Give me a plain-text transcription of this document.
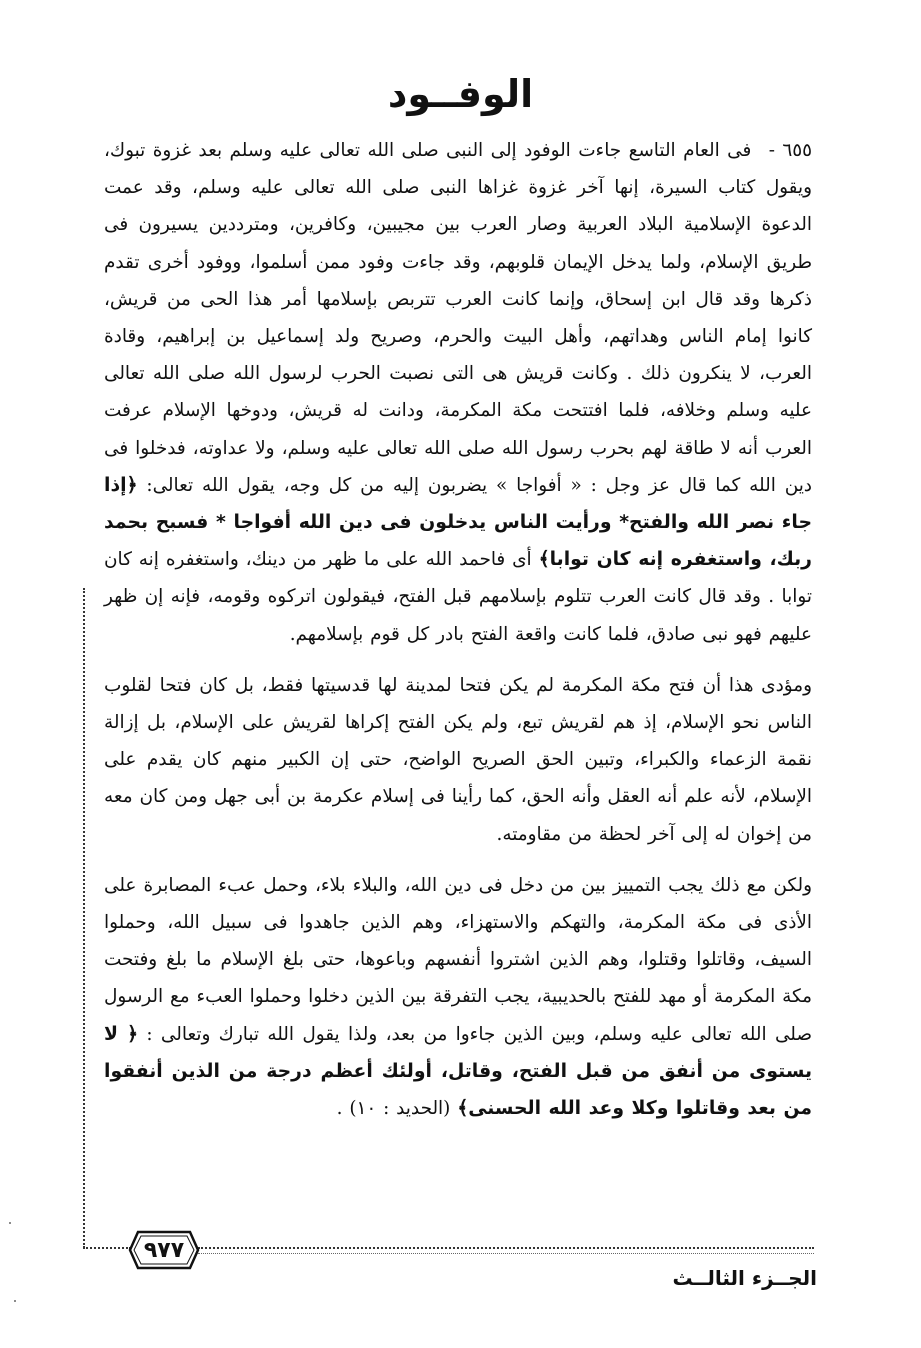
الوفــود

٦٥٥ - فى العام التاسع جاءت الوفود إلى النبى صلى الله تعالى عليه وسلم بعد غزوة تبوك، ويقول كتاب السيرة، إنها آخر غزوة غزاها النبى صلى الله تعالى عليه وسلم، وقد عمت الدعوة الإسلامية البلاد العربية وصار العرب بين مجيبين، وكافرين، ومترددين يسيرون فى طريق الإسلام، ولما يدخل الإيمان قلوبهم، وقد جاءت وفود ممن أسلموا، ووفود أخرى تقدم ذكرها وقد قال ابن إسحاق، وإنما كانت العرب تتربص بإسلامها أمر هذا الحى من قريش، كانوا إمام الناس وهداتهم، وأهل البيت والحرم، وصريح ولد إسماعيل بن إبراهيم، وقادة العرب، لا ينكرون ذلك . وكانت قريش هى التى نصبت الحرب لرسول الله صلى الله تعالى عليه وسلم وخلافه، فلما افتتحت مكة المكرمة، ودانت له قريش، ودوخها الإسلام عرفت العرب أنه لا طاقة لهم بحرب رسول الله صلى الله تعالى عليه وسلم، ولا عداوته، فدخلوا فى دين الله كما قال عز وجل : « أفواجا » يضربون إليه من كل وجه، يقول الله تعالى: ﴿إذا جاء نصر الله والفتح* ورأيت الناس يدخلون فى دين الله أفواجا * فسبح بحمد ربك، واستغفره إنه كان توابا﴾ أى فاحمد الله على ما ظهر من دينك، واستغفره إنه كان توابا . وقد قال كانت العرب تتلوم بإسلامهم قبل الفتح، فيقولون اتركوه وقومه، فإنه إن ظهر عليهم فهو نبى صادق، فلما كانت واقعة الفتح بادر كل قوم بإسلامهم.

ومؤدى هذا أن فتح مكة المكرمة لم يكن فتحا لمدينة لها قدسيتها فقط، بل كان فتحا لقلوب الناس نحو الإسلام، إذ هم لقريش تبع، ولم يكن الفتح إكراها لقريش على الإسلام، بل إزالة نقمة الزعماء والكبراء، وتبين الحق الصريح الواضح، حتى إن الكبير منهم كان يقدم على الإسلام، لأنه علم أنه العقل وأنه الحق، كما رأينا فى إسلام عكرمة بن أبى جهل ومن كان معه من إخوان له إلى آخر لحظة من مقاومته.

ولكن مع ذلك يجب التمييز بين من دخل فى دين الله، والبلاء بلاء، وحمل عبء المصابرة على الأذى فى مكة المكرمة، والتهكم والاستهزاء، وهم الذين جاهدوا فى سبيل الله، وحملوا السيف، وقاتلوا وقتلوا، وهم الذين اشتروا أنفسهم وباعوها، حتى بلغ الإسلام ما بلغ وفتحت مكة المكرمة أو مهد للفتح بالحديبية، يجب التفرقة بين الذين دخلوا وحملوا العبء مع الرسول صلى الله تعالى عليه وسلم، وبين الذين جاءوا من بعد، ولذا يقول الله تبارك وتعالى : ﴿ لا يستوى من أنفق من قبل الفتح، وقاتل، أولئك أعظم درجة من الذين أنفقوا من بعد وقاتلوا وكلا وعد الله الحسنى﴾ (الحديد : ١٠) .

٩٧٧
الجــزء الثالــث
